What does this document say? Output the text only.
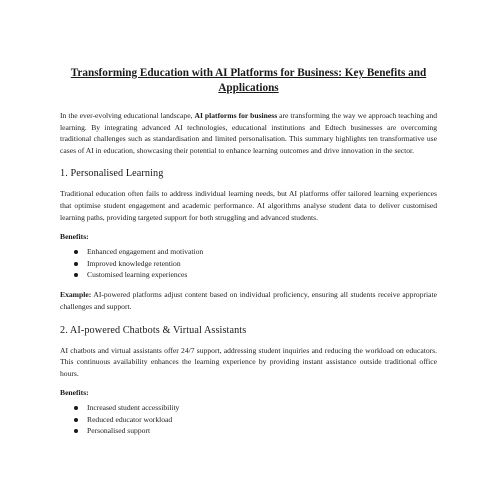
Transforming Education with AI Platforms for Business: Key Benefits and Applications

In the ever-evolving educational landscape, AI platforms for business are transforming the way we approach teaching and learning. By integrating advanced AI technologies, educational institutions and Edtech businesses are overcoming traditional challenges such as standardisation and limited personalisation. This summary highlights ten transformative use cases of AI in education, showcasing their potential to enhance learning outcomes and drive innovation in the sector.

1. Personalised Learning

Traditional education often fails to address individual learning needs, but AI platforms offer tailored learning experiences that optimise student engagement and academic performance. AI algorithms analyse student data to deliver customised learning paths, providing targeted support for both struggling and advanced students.

Benefits:
Enhanced engagement and motivation
Improved knowledge retention
Customised learning experiences

Example: AI-powered platforms adjust content based on individual proficiency, ensuring all students receive appropriate challenges and support.

2. AI-powered Chatbots & Virtual Assistants

AI chatbots and virtual assistants offer 24/7 support, addressing student inquiries and reducing the workload on educators. This continuous availability enhances the learning experience by providing instant assistance outside traditional office hours.

Benefits:
Increased student accessibility
Reduced educator workload
Personalised support
